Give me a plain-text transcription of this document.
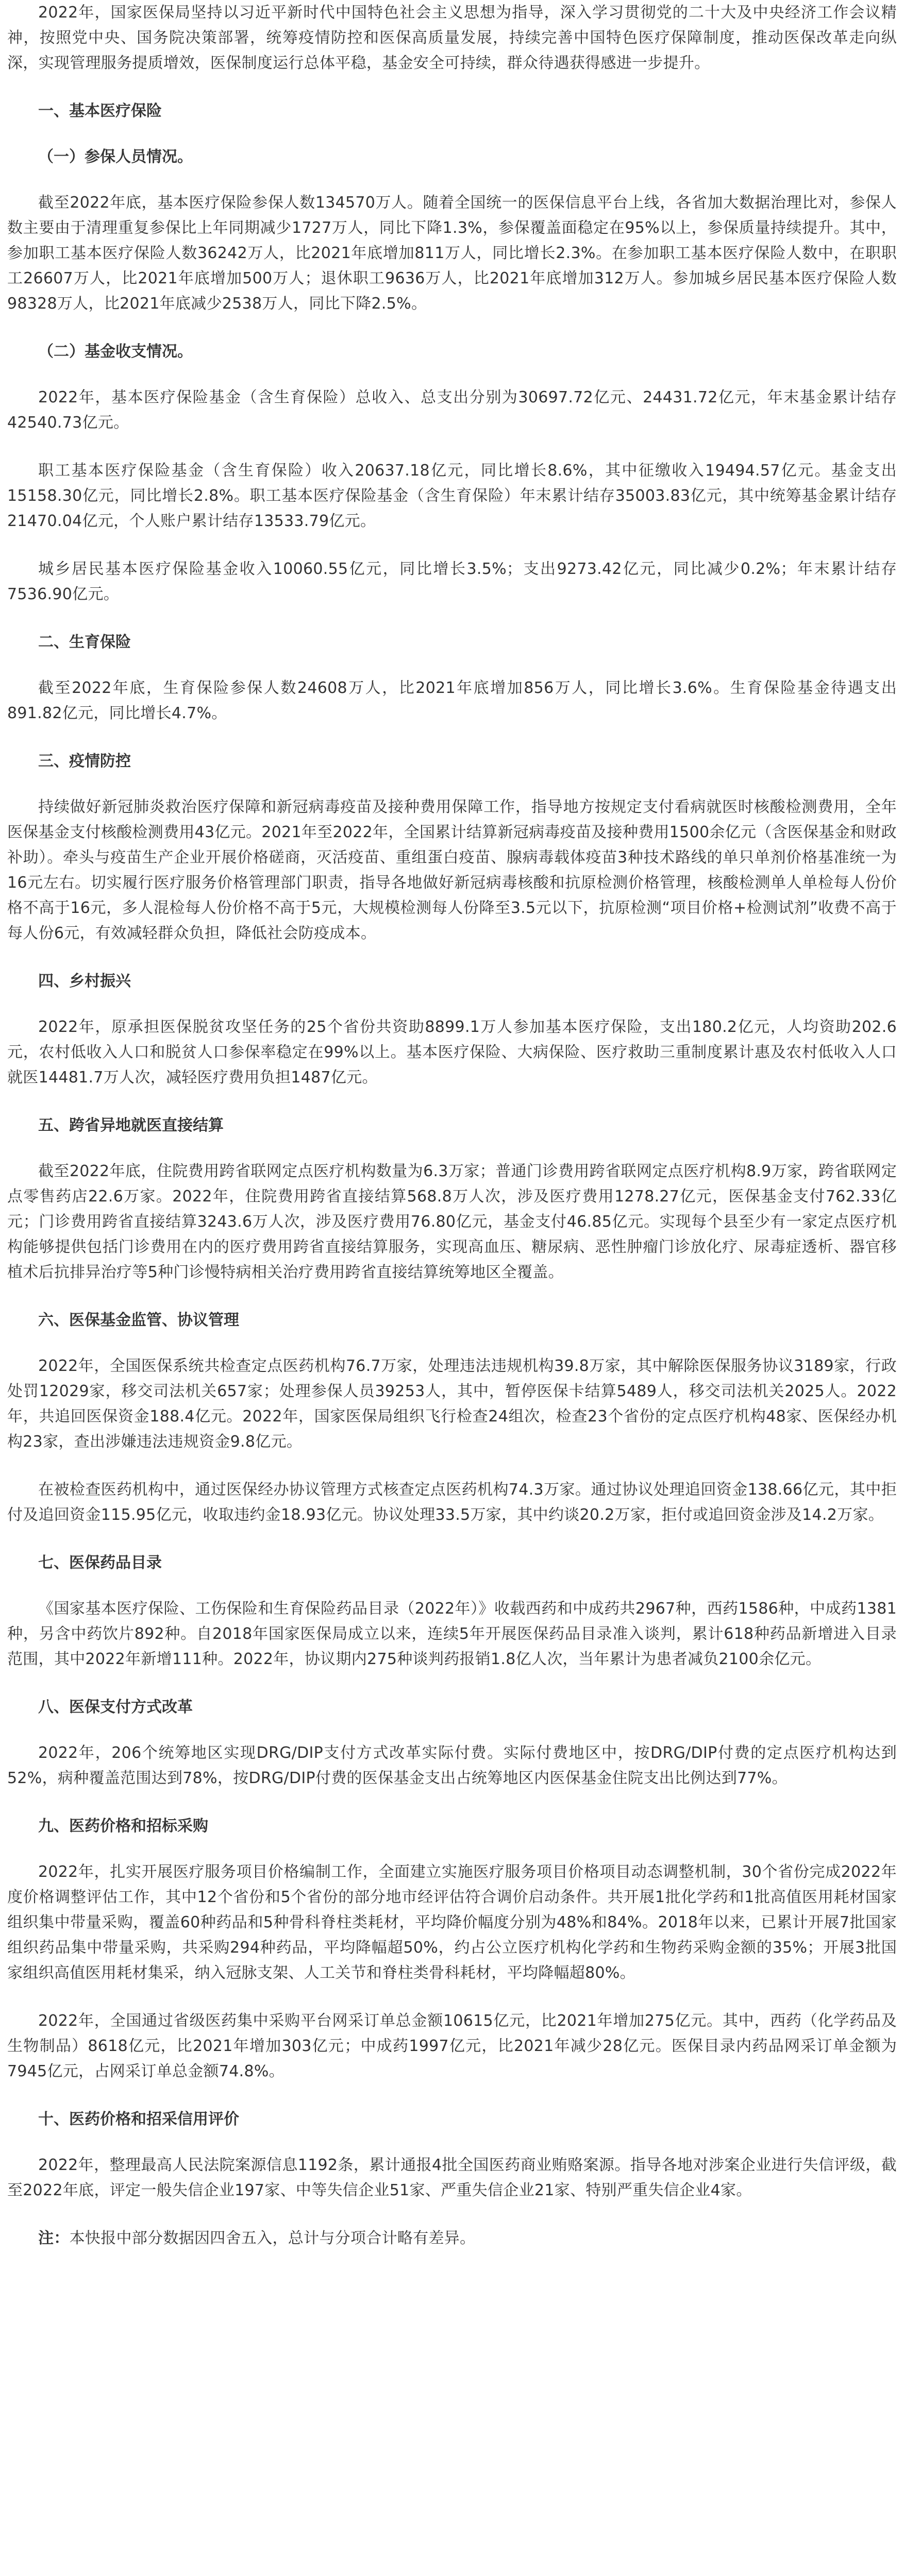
2022年，国家医保局坚持以习近平新时代中国特色社会主义思想为指导，深入学习贯彻党的二十大及中央经济工作会议精神，按照党中央、国务院决策部署，统筹疫情防控和医保高质量发展，持续完善中国特色医疗保障制度，推动医保改革走向纵深，实现管理服务提质增效，医保制度运行总体平稳，基金安全可持续，群众待遇获得感进一步提升。

一、基本医疗保险
（一）参保人员情况。

截至2022年底，基本医疗保险参保人数134570万人。随着全国统一的医保信息平台上线，各省加大数据治理比对，参保人数主要由于清理重复参保比上年同期减少1727万人，同比下降1.3%，参保覆盖面稳定在95%以上，参保质量持续提升。其中，参加职工基本医疗保险人数36242万人，比2021年底增加811万人，同比增长2.3%。在参加职工基本医疗保险人数中，在职职工26607万人，比2021年底增加500万人；退休职工9636万人，比2021年底增加312万人。参加城乡居民基本医疗保险人数98328万人，比2021年底减少2538万人，同比下降2.5%。

（二）基金收支情况。

2022年，基本医疗保险基金（含生育保险）总收入、总支出分别为30697.72亿元、24431.72亿元，年末基金累计结存42540.73亿元。

职工基本医疗保险基金（含生育保险）收入20637.18亿元，同比增长8.6%，其中征缴收入19494.57亿元。基金支出15158.30亿元，同比增长2.8%。职工基本医疗保险基金（含生育保险）年末累计结存35003.83亿元，其中统筹基金累计结存21470.04亿元，个人账户累计结存13533.79亿元。

城乡居民基本医疗保险基金收入10060.55亿元，同比增长3.5%；支出9273.42亿元，同比减少0.2%；年末累计结存7536.90亿元。

二、生育保险

截至2022年底，生育保险参保人数24608万人，比2021年底增加856万人，同比增长3.6%。生育保险基金待遇支出891.82亿元，同比增长4.7%。

三、疫情防控

持续做好新冠肺炎救治医疗保障和新冠病毒疫苗及接种费用保障工作，指导地方按规定支付看病就医时核酸检测费用，全年医保基金支付核酸检测费用43亿元。2021年至2022年，全国累计结算新冠病毒疫苗及接种费用1500余亿元（含医保基金和财政补助）。牵头与疫苗生产企业开展价格磋商，灭活疫苗、重组蛋白疫苗、腺病毒载体疫苗3种技术路线的单只单剂价格基准统一为16元左右。切实履行医疗服务价格管理部门职责，指导各地做好新冠病毒核酸和抗原检测价格管理，核酸检测单人单检每人份价格不高于16元，多人混检每人份价格不高于5元，大规模检测每人份降至3.5元以下，抗原检测“项目价格+检测试剂”收费不高于每人份6元，有效减轻群众负担，降低社会防疫成本。

四、乡村振兴

2022年，原承担医保脱贫攻坚任务的25个省份共资助8899.1万人参加基本医疗保险，支出180.2亿元，人均资助202.6元，农村低收入人口和脱贫人口参保率稳定在99%以上。基本医疗保险、大病保险、医疗救助三重制度累计惠及农村低收入人口就医14481.7万人次，减轻医疗费用负担1487亿元。

五、跨省异地就医直接结算

截至2022年底，住院费用跨省联网定点医疗机构数量为6.3万家；普通门诊费用跨省联网定点医疗机构8.9万家，跨省联网定点零售药店22.6万家。2022年，住院费用跨省直接结算568.8万人次，涉及医疗费用1278.27亿元，医保基金支付762.33亿元；门诊费用跨省直接结算3243.6万人次，涉及医疗费用76.80亿元，基金支付46.85亿元。实现每个县至少有一家定点医疗机构能够提供包括门诊费用在内的医疗费用跨省直接结算服务，实现高血压、糖尿病、恶性肿瘤门诊放化疗、尿毒症透析、器官移植术后抗排异治疗等5种门诊慢特病相关治疗费用跨省直接结算统筹地区全覆盖。

六、医保基金监管、协议管理

2022年，全国医保系统共检查定点医药机构76.7万家，处理违法违规机构39.8万家，其中解除医保服务协议3189家，行政处罚12029家，移交司法机关657家；处理参保人员39253人，其中，暂停医保卡结算5489人，移交司法机关2025人。2022年，共追回医保资金188.4亿元。2022年，国家医保局组织飞行检查24组次，检查23个省份的定点医疗机构48家、医保经办机构23家，查出涉嫌违法违规资金9.8亿元。

在被检查医药机构中，通过医保经办协议管理方式核查定点医药机构74.3万家。通过协议处理追回资金138.66亿元，其中拒付及追回资金115.95亿元，收取违约金18.93亿元。协议处理33.5万家，其中约谈20.2万家，拒付或追回资金涉及14.2万家。

七、医保药品目录

《国家基本医疗保险、工伤保险和生育保险药品目录（2022年）》收载西药和中成药共2967种，西药1586种，中成药1381种，另含中药饮片892种。自2018年国家医保局成立以来，连续5年开展医保药品目录准入谈判，累计618种药品新增进入目录范围，其中2022年新增111种。2022年，协议期内275种谈判药报销1.8亿人次，当年累计为患者减负2100余亿元。

八、医保支付方式改革

2022年，206个统筹地区实现DRG/DIP支付方式改革实际付费。实际付费地区中，按DRG/DIP付费的定点医疗机构达到52%，病种覆盖范围达到78%，按DRG/DIP付费的医保基金支出占统筹地区内医保基金住院支出比例达到77%。

九、医药价格和招标采购

2022年，扎实开展医疗服务项目价格编制工作，全面建立实施医疗服务项目价格项目动态调整机制，30个省份完成2022年度价格调整评估工作，其中12个省份和5个省份的部分地市经评估符合调价启动条件。共开展1批化学药和1批高值医用耗材国家组织集中带量采购，覆盖60种药品和5种骨科脊柱类耗材，平均降价幅度分别为48%和84%。2018年以来，已累计开展7批国家组织药品集中带量采购，共采购294种药品，平均降幅超50%，约占公立医疗机构化学药和生物药采购金额的35%；开展3批国家组织高值医用耗材集采，纳入冠脉支架、人工关节和脊柱类骨科耗材，平均降幅超80%。

2022年，全国通过省级医药集中采购平台网采订单总金额10615亿元，比2021年增加275亿元。其中，西药（化学药品及生物制品）8618亿元，比2021年增加303亿元；中成药1997亿元，比2021年减少28亿元。医保目录内药品网采订单金额为7945亿元，占网采订单总金额74.8%。

十、医药价格和招采信用评价

2022年，整理最高人民法院案源信息1192条，累计通报4批全国医药商业贿赂案源。指导各地对涉案企业进行失信评级，截至2022年底，评定一般失信企业197家、中等失信企业51家、严重失信企业21家、特别严重失信企业4家。

注：本快报中部分数据因四舍五入，总计与分项合计略有差异。
